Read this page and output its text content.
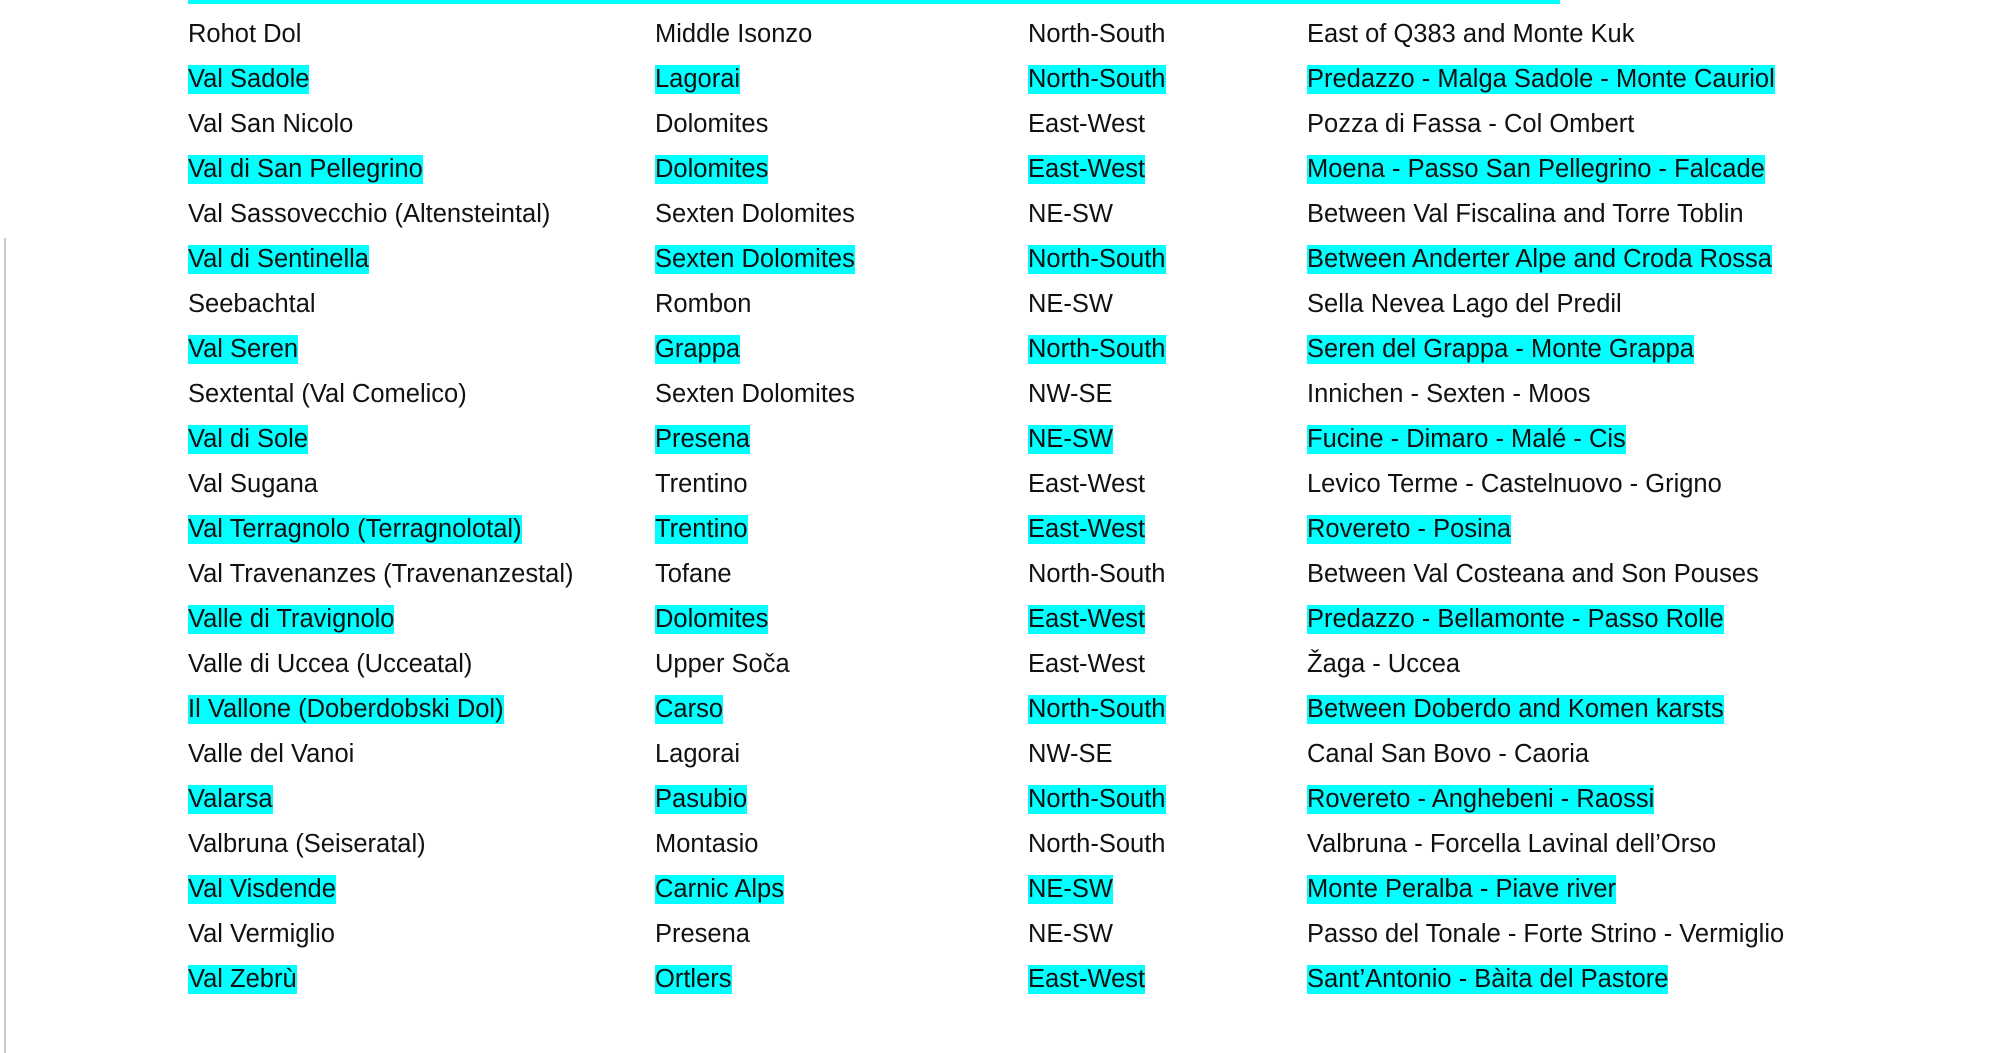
Rohot Dol	Middle Isonzo	North-South	East of Q383 and Monte Kuk
Val Sadole	Lagorai	North-South	Predazzo - Malga Sadole - Monte Cauriol
Val San Nicolo	Dolomites	East-West	Pozza di Fassa - Col Ombert
Val di San Pellegrino	Dolomites	East-West	Moena - Passo San Pellegrino - Falcade
Val Sassovecchio (Altensteintal)	Sexten Dolomites	NE-SW	Between Val Fiscalina and Torre Toblin
Val di Sentinella	Sexten Dolomites	North-South	Between Anderter Alpe and Croda Rossa
Seebachtal	Rombon	NE-SW	Sella Nevea Lago del Predil
Val Seren	Grappa	North-South	Seren del Grappa - Monte Grappa
Sextental (Val Comelico)	Sexten Dolomites	NW-SE	Innichen - Sexten - Moos
Val di Sole	Presena	NE-SW	Fucine - Dimaro - Malé - Cis
Val Sugana	Trentino	East-West	Levico Terme - Castelnuovo - Grigno
Val Terragnolo (Terragnolotal)	Trentino	East-West	Rovereto - Posina
Val Travenanzes (Travenanzestal)	Tofane	North-South	Between Val Costeana and Son Pouses
Valle di Travignolo	Dolomites	East-West	Predazzo - Bellamonte - Passo Rolle
Valle di Uccea (Ucceatal)	Upper Soča	East-West	Žaga - Uccea
Il Vallone (Doberdobski Dol)	Carso	North-South	Between Doberdo and Komen karsts
Valle del Vanoi	Lagorai	NW-SE	Canal San Bovo - Caoria
Valarsa	Pasubio	North-South	Rovereto - Anghebeni - Raossi
Valbruna (Seiseratal)	Montasio	North-South	Valbruna - Forcella Lavinal dell’Orso
Val Visdende	Carnic Alps	NE-SW	Monte Peralba - Piave river
Val Vermiglio	Presena	NE-SW	Passo del Tonale - Forte Strino - Vermiglio
Val Zebrù	Ortlers	East-West	Sant’Antonio - Bàita del Pastore
